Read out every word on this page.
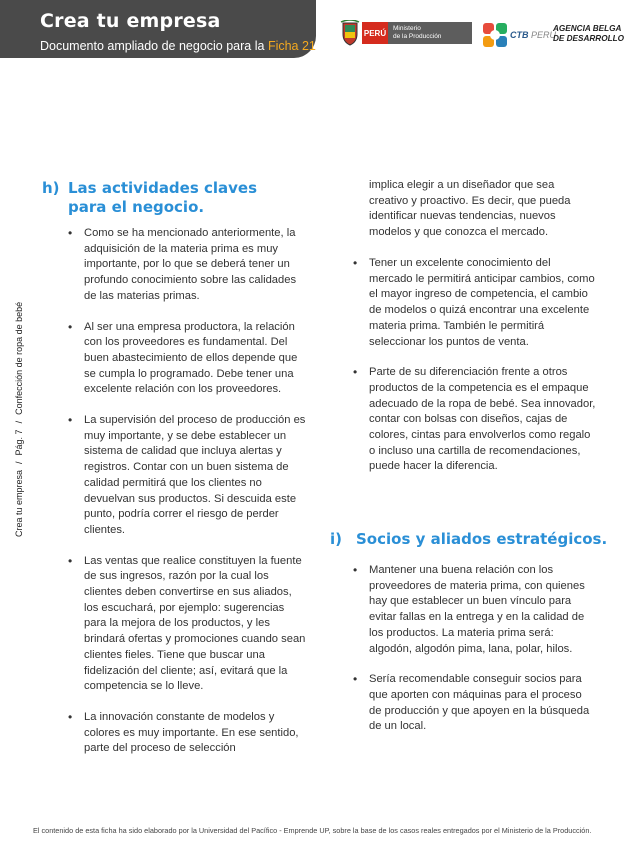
Crea tu empresa
Documento ampliado de negocio para la Ficha 21
PERÚ Ministerio
de la Producción	CTB PERÚ
AGENCIA BELGA
DE DESARROLLO
Crea tu empresa/Pág. 7/Confección de ropa de bebé
h) Las actividades claves
para el negocio.
• Como se ha mencionado anteriormente, la adquisición de la materia prima es muy importante, por lo que se deberá tener un profundo conocimiento sobre las calidades de las materias primas.
• Al ser una empresa productora, la relación con los proveedores es fundamental. Del buen abastecimiento de ellos depende que se cumpla lo programado. Debe tener una excelente relación con los proveedores.
• La supervisión del proceso de producción es muy importante, y se debe establecer un sistema de calidad que incluya alertas y registros. Contar con un buen sistema de calidad permitirá que los clientes no devuelvan sus productos. Si descuida este punto, podría correr el riesgo de perder clientes.
• Las ventas que realice constituyen la fuente de sus ingresos, razón por la cual los clientes deben convertirse en sus aliados, los escuchará, por ejemplo: sugerencias para la mejora de los productos, y les brindará ofertas y promociones cuando sean clientes fieles. Tiene que buscar una fidelización del cliente; así, evitará que la competencia se lo lleve.
• La innovación constante de modelos y colores es muy importante. En ese sentido, parte del proceso de selección
implica elegir a un diseñador que sea creativo y proactivo. Es decir, que pueda identificar nuevas tendencias, nuevos modelos y que conozca el mercado.
• Tener un excelente conocimiento del mercado le permitirá anticipar cambios, como el mayor ingreso de competencia, el cambio de modelos o quizá encontrar una excelente materia prima. También le permitirá seleccionar los puntos de venta.
• Parte de su diferenciación frente a otros productos de la competencia es el empaque adecuado de la ropa de bebé. Sea innovador, contar con bolsas con diseños, cajas de colores, cintas para envolverlos como regalo o incluso una cartilla de recomendaciones, puede hacer la diferencia.
i) Socios y aliados estratégicos.
• Mantener una buena relación con los proveedores de materia prima, con quienes hay que establecer un buen vínculo para evitar fallas en la entrega y en la calidad de los productos. La materia prima será: algodón, algodón pima, lana, polar, hilos.
• Sería recomendable conseguir socios para que aporten con máquinas para el proceso de producción y que apoyen en la búsqueda de un local.
El contenido de esta ficha ha sido elaborado por la Universidad del Pacífico - Emprende UP, sobre la base de los casos reales entregados por el Ministerio de la Producción.
